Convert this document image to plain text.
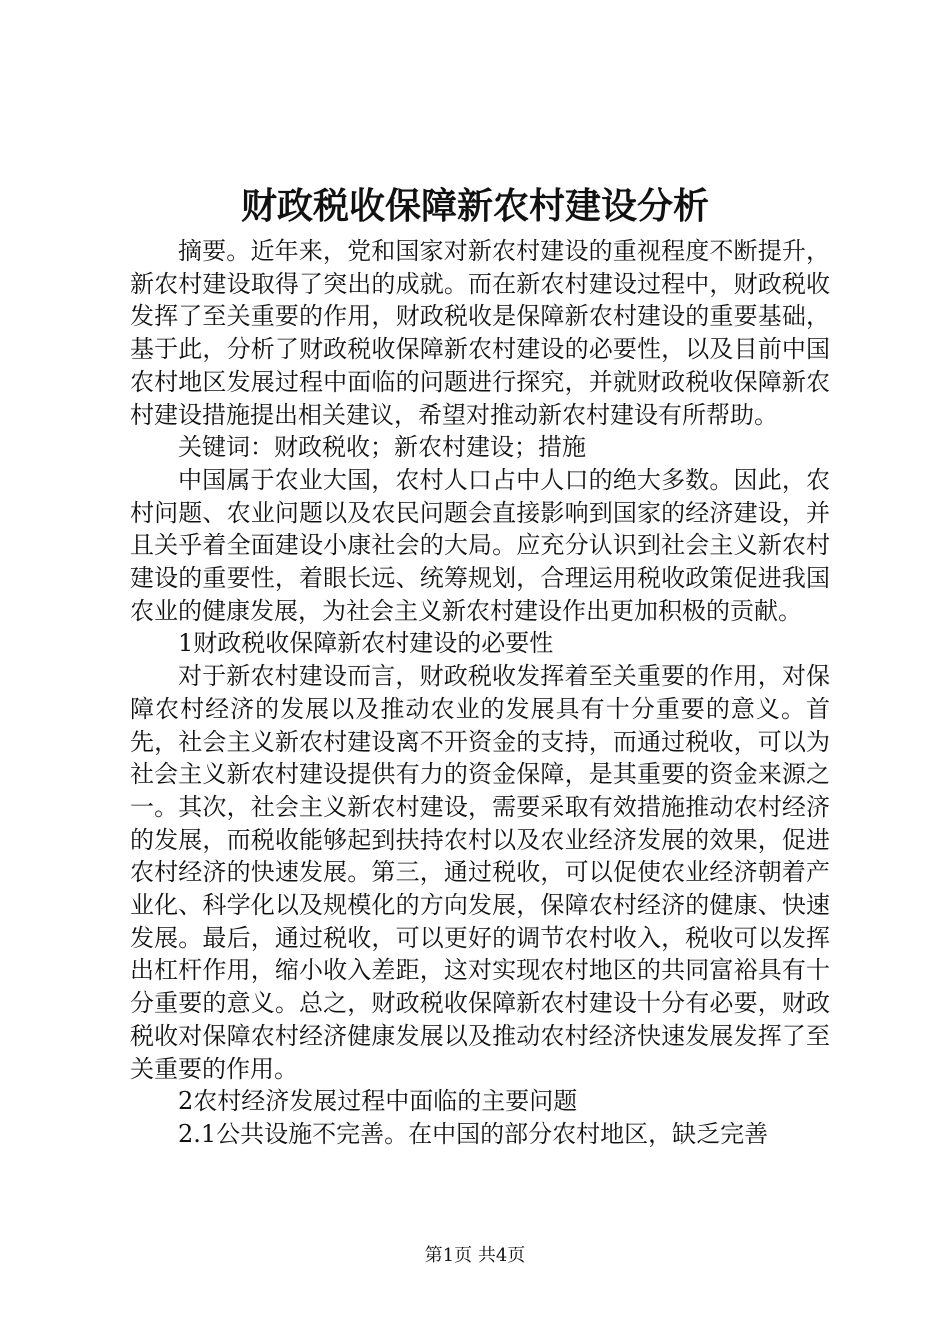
财政税收保障新农村建设分析

摘要。近年来，党和国家对新农村建设的重视程度不断提升，新农村建设取得了突出的成就。而在新农村建设过程中，财政税收发挥了至关重要的作用，财政税收是保障新农村建设的重要基础，基于此，分析了财政税收保障新农村建设的必要性，以及目前中国农村地区发展过程中面临的问题进行探究，并就财政税收保障新农村建设措施提出相关建议，希望对推动新农村建设有所帮助。

关键词：财政税收；新农村建设；措施

中国属于农业大国，农村人口占中人口的绝大多数。因此，农村问题、农业问题以及农民问题会直接影响到国家的经济建设，并且关乎着全面建设小康社会的大局。应充分认识到社会主义新农村建设的重要性，着眼长远、统筹规划，合理运用税收政策促进我国农业的健康发展，为社会主义新农村建设作出更加积极的贡献。

1财政税收保障新农村建设的必要性

对于新农村建设而言，财政税收发挥着至关重要的作用，对保障农村经济的发展以及推动农业的发展具有十分重要的意义。首先，社会主义新农村建设离不开资金的支持，而通过税收，可以为社会主义新农村建设提供有力的资金保障，是其重要的资金来源之一。其次，社会主义新农村建设，需要采取有效措施推动农村经济的发展，而税收能够起到扶持农村以及农业经济发展的效果，促进农村经济的快速发展。第三，通过税收，可以促使农业经济朝着产业化、科学化以及规模化的方向发展，保障农村经济的健康、快速发展。最后，通过税收，可以更好的调节农村收入，税收可以发挥出杠杆作用，缩小收入差距，这对实现农村地区的共同富裕具有十分重要的意义。总之，财政税收保障新农村建设十分有必要，财政税收对保障农村经济健康发展以及推动农村经济快速发展发挥了至关重要的作用。

2农村经济发展过程中面临的主要问题

2.1公共设施不完善。在中国的部分农村地区，缺乏完善

第1页 共4页
